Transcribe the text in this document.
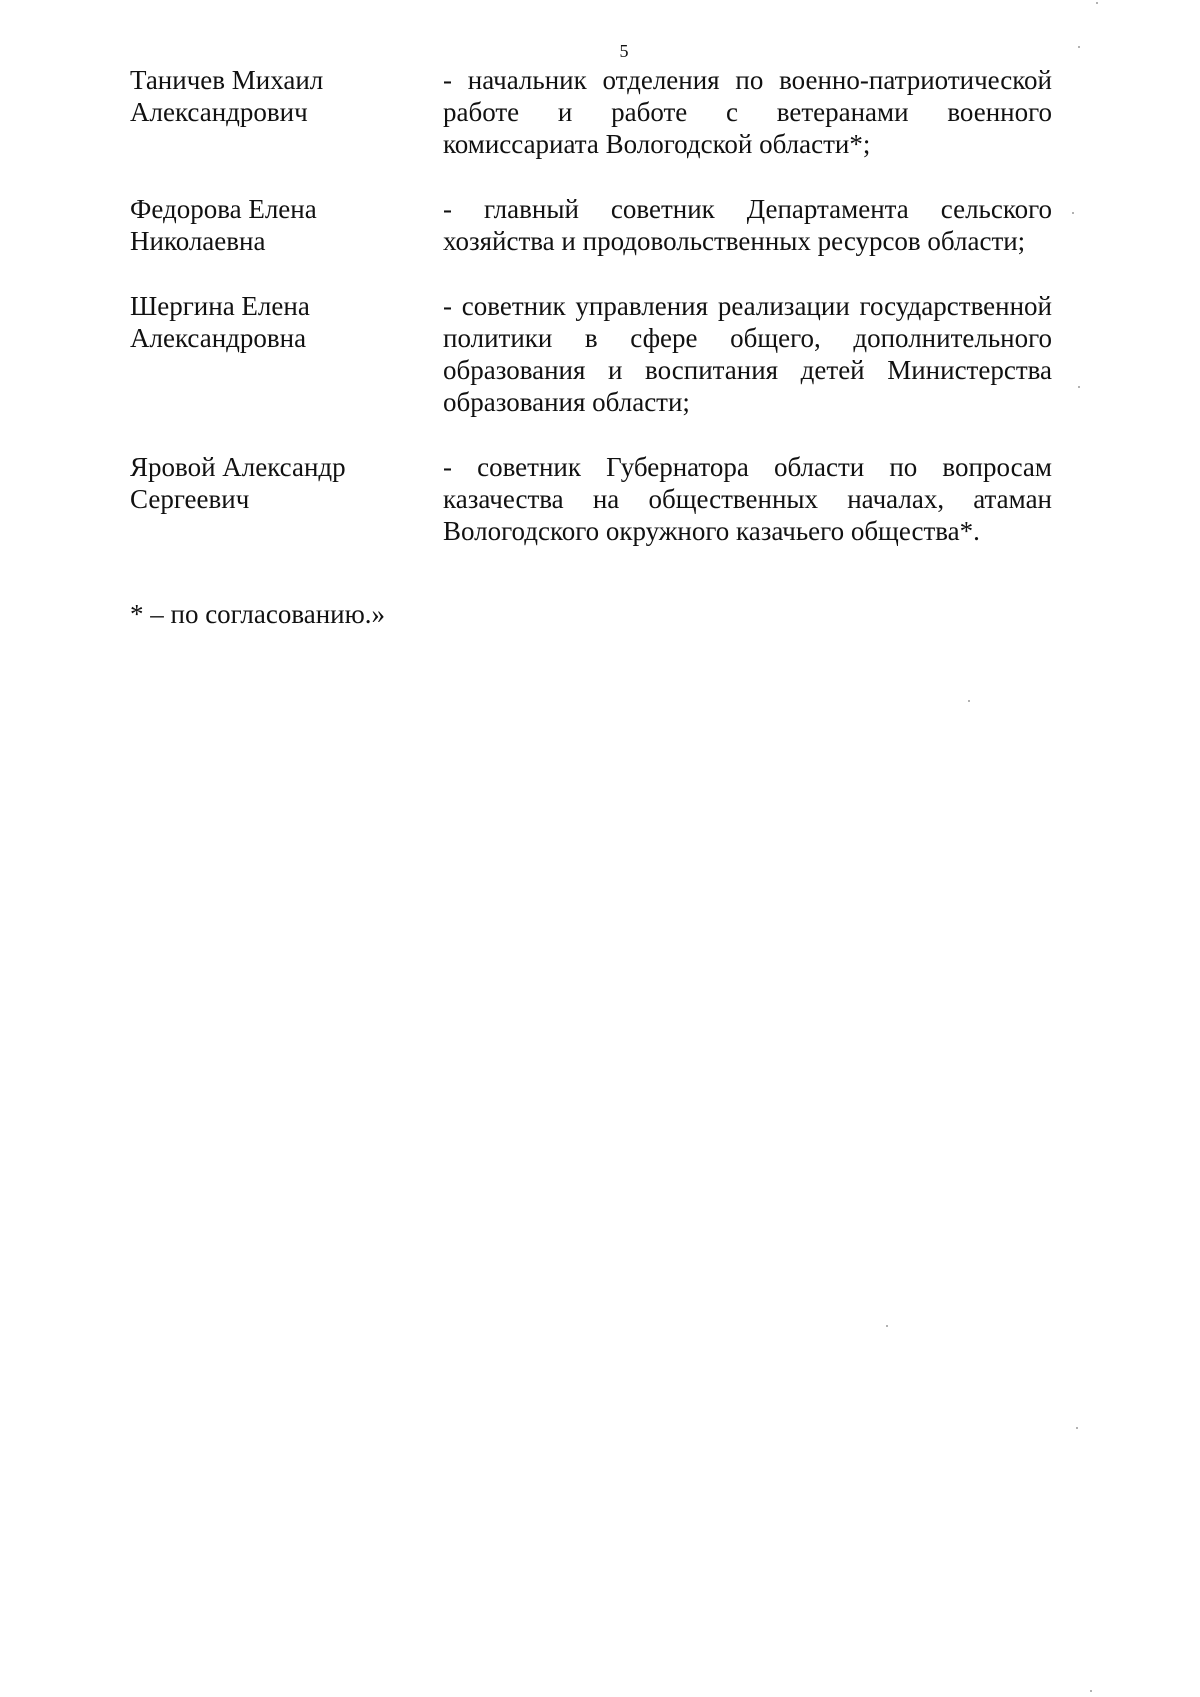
5
Таничев Михаил
Александрович
- начальник отделения по военно-патриотической работе и работе с ветеранами военного комиссариата Вологодской области*;
Федорова Елена
Николаевна
- главный советник Департамента сельского хозяйства и продовольственных ресурсов области;
Шергина Елена
Александровна
- советник управления реализации государственной политики в сфере общего, дополнительного образования и воспитания детей Министерства образования области;
Яровой Александр
Сергеевич
- советник Губернатора области по вопросам казачества на общественных началах, атаман Вологодского окружного казачьего общества*.
* – по согласованию.»
